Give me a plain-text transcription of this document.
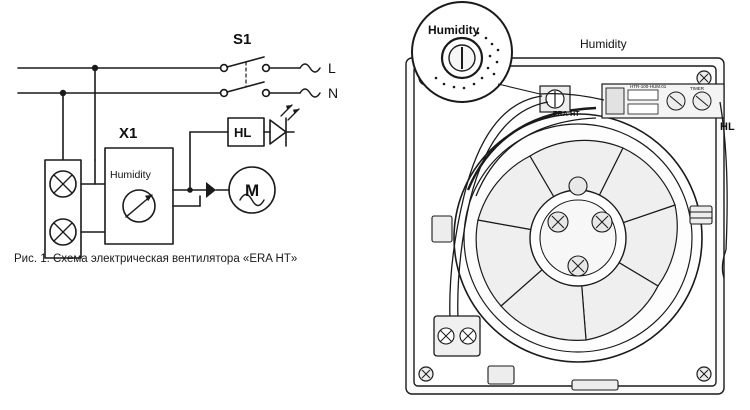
S1
L
N
X1	HL
M
Humidity
Рис. 1. Схема электрическая вентилятора «ERA HT»
HTR-100-HUM.01	TIMER
ERA-HT
Humidity
Humidity
HL
